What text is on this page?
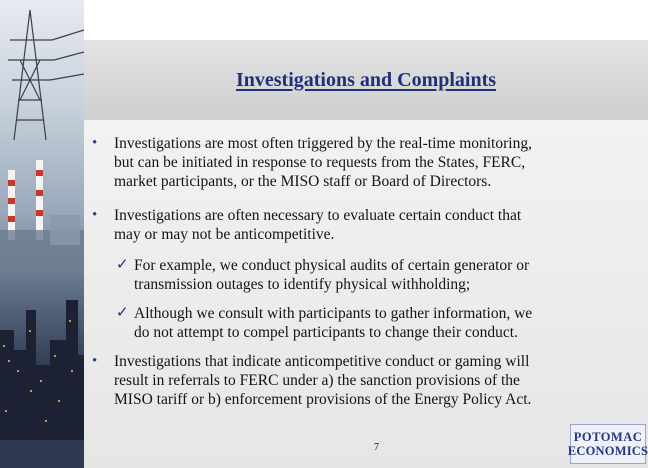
Investigations and Complaints
• Investigations are most often triggered by the real-time monitoring,
but can be initiated in response to requests from the States, FERC,
market participants, or the MISO staff or Board of Directors.
• Investigations are often necessary to evaluate certain conduct that
may or may not be anticompetitive.
✓ For example, we conduct physical audits of certain generator or
transmission outages to identify physical withholding;
✓ Although we consult with participants to gather information, we
do not attempt to compel participants to change their conduct.
• Investigations that indicate anticompetitive conduct or gaming will
result in referrals to FERC under a) the sanction provisions of the
MISO tariff or b) enforcement provisions of the Energy Policy Act.
7
POTOMAC
ECONOMICS
